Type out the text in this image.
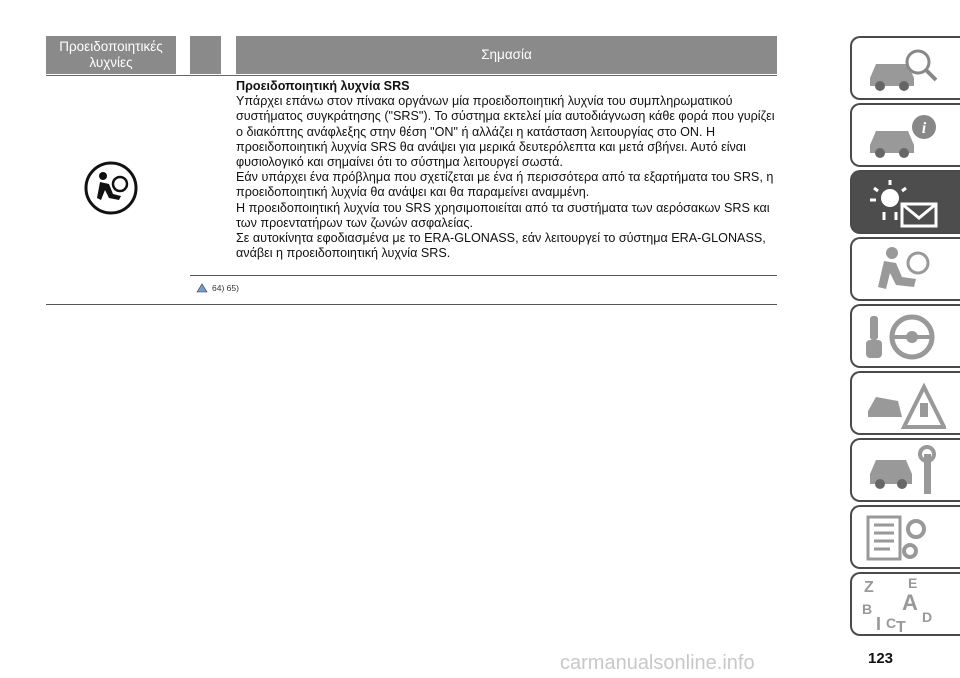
Προειδοποιητικές λυχνίες
Σημασία

Προειδοποιητική λυχνία SRS

Υπάρχει επάνω στον πίνακα οργάνων μία προειδοποιητική λυχνία του συμπληρωματικού συστήματος συγκράτησης ("SRS"). Το σύστημα εκτελεί μία αυτοδιάγνωση κάθε φορά που γυρίζει ο διακόπτης ανάφλεξης στην θέση "ON" ή αλλάζει η κατάσταση λειτουργίας στο ON. Η προειδοποιητική λυχνία SRS θα ανάψει για μερικά δευτερόλεπτα και μετά σβήνει. Αυτό είναι φυσιολογικό και σημαίνει ότι το σύστημα λειτουργεί σωστά.

Εάν υπάρχει ένα πρόβλημα που σχετίζεται με ένα ή περισσότερα από τα εξαρτήματα του SRS, η προειδοποιητική λυχνία θα ανάψει και θα παραμείνει αναμμένη.

Η προειδοποιητική λυχνία του SRS χρησιμοποιείται από τα συστήματα των αερόσακων SRS και των προεντατήρων των ζωνών ασφαλείας.

Σε αυτοκίνητα εφοδιασμένα με το ERA-GLONASS, εάν λειτουργεί το σύστημα ERA-GLONASS, ανάβει η προειδοποιητική λυχνία SRS.

64) 65)
i
Z E
B A
I C T
D
carmanualsonline.info	123
